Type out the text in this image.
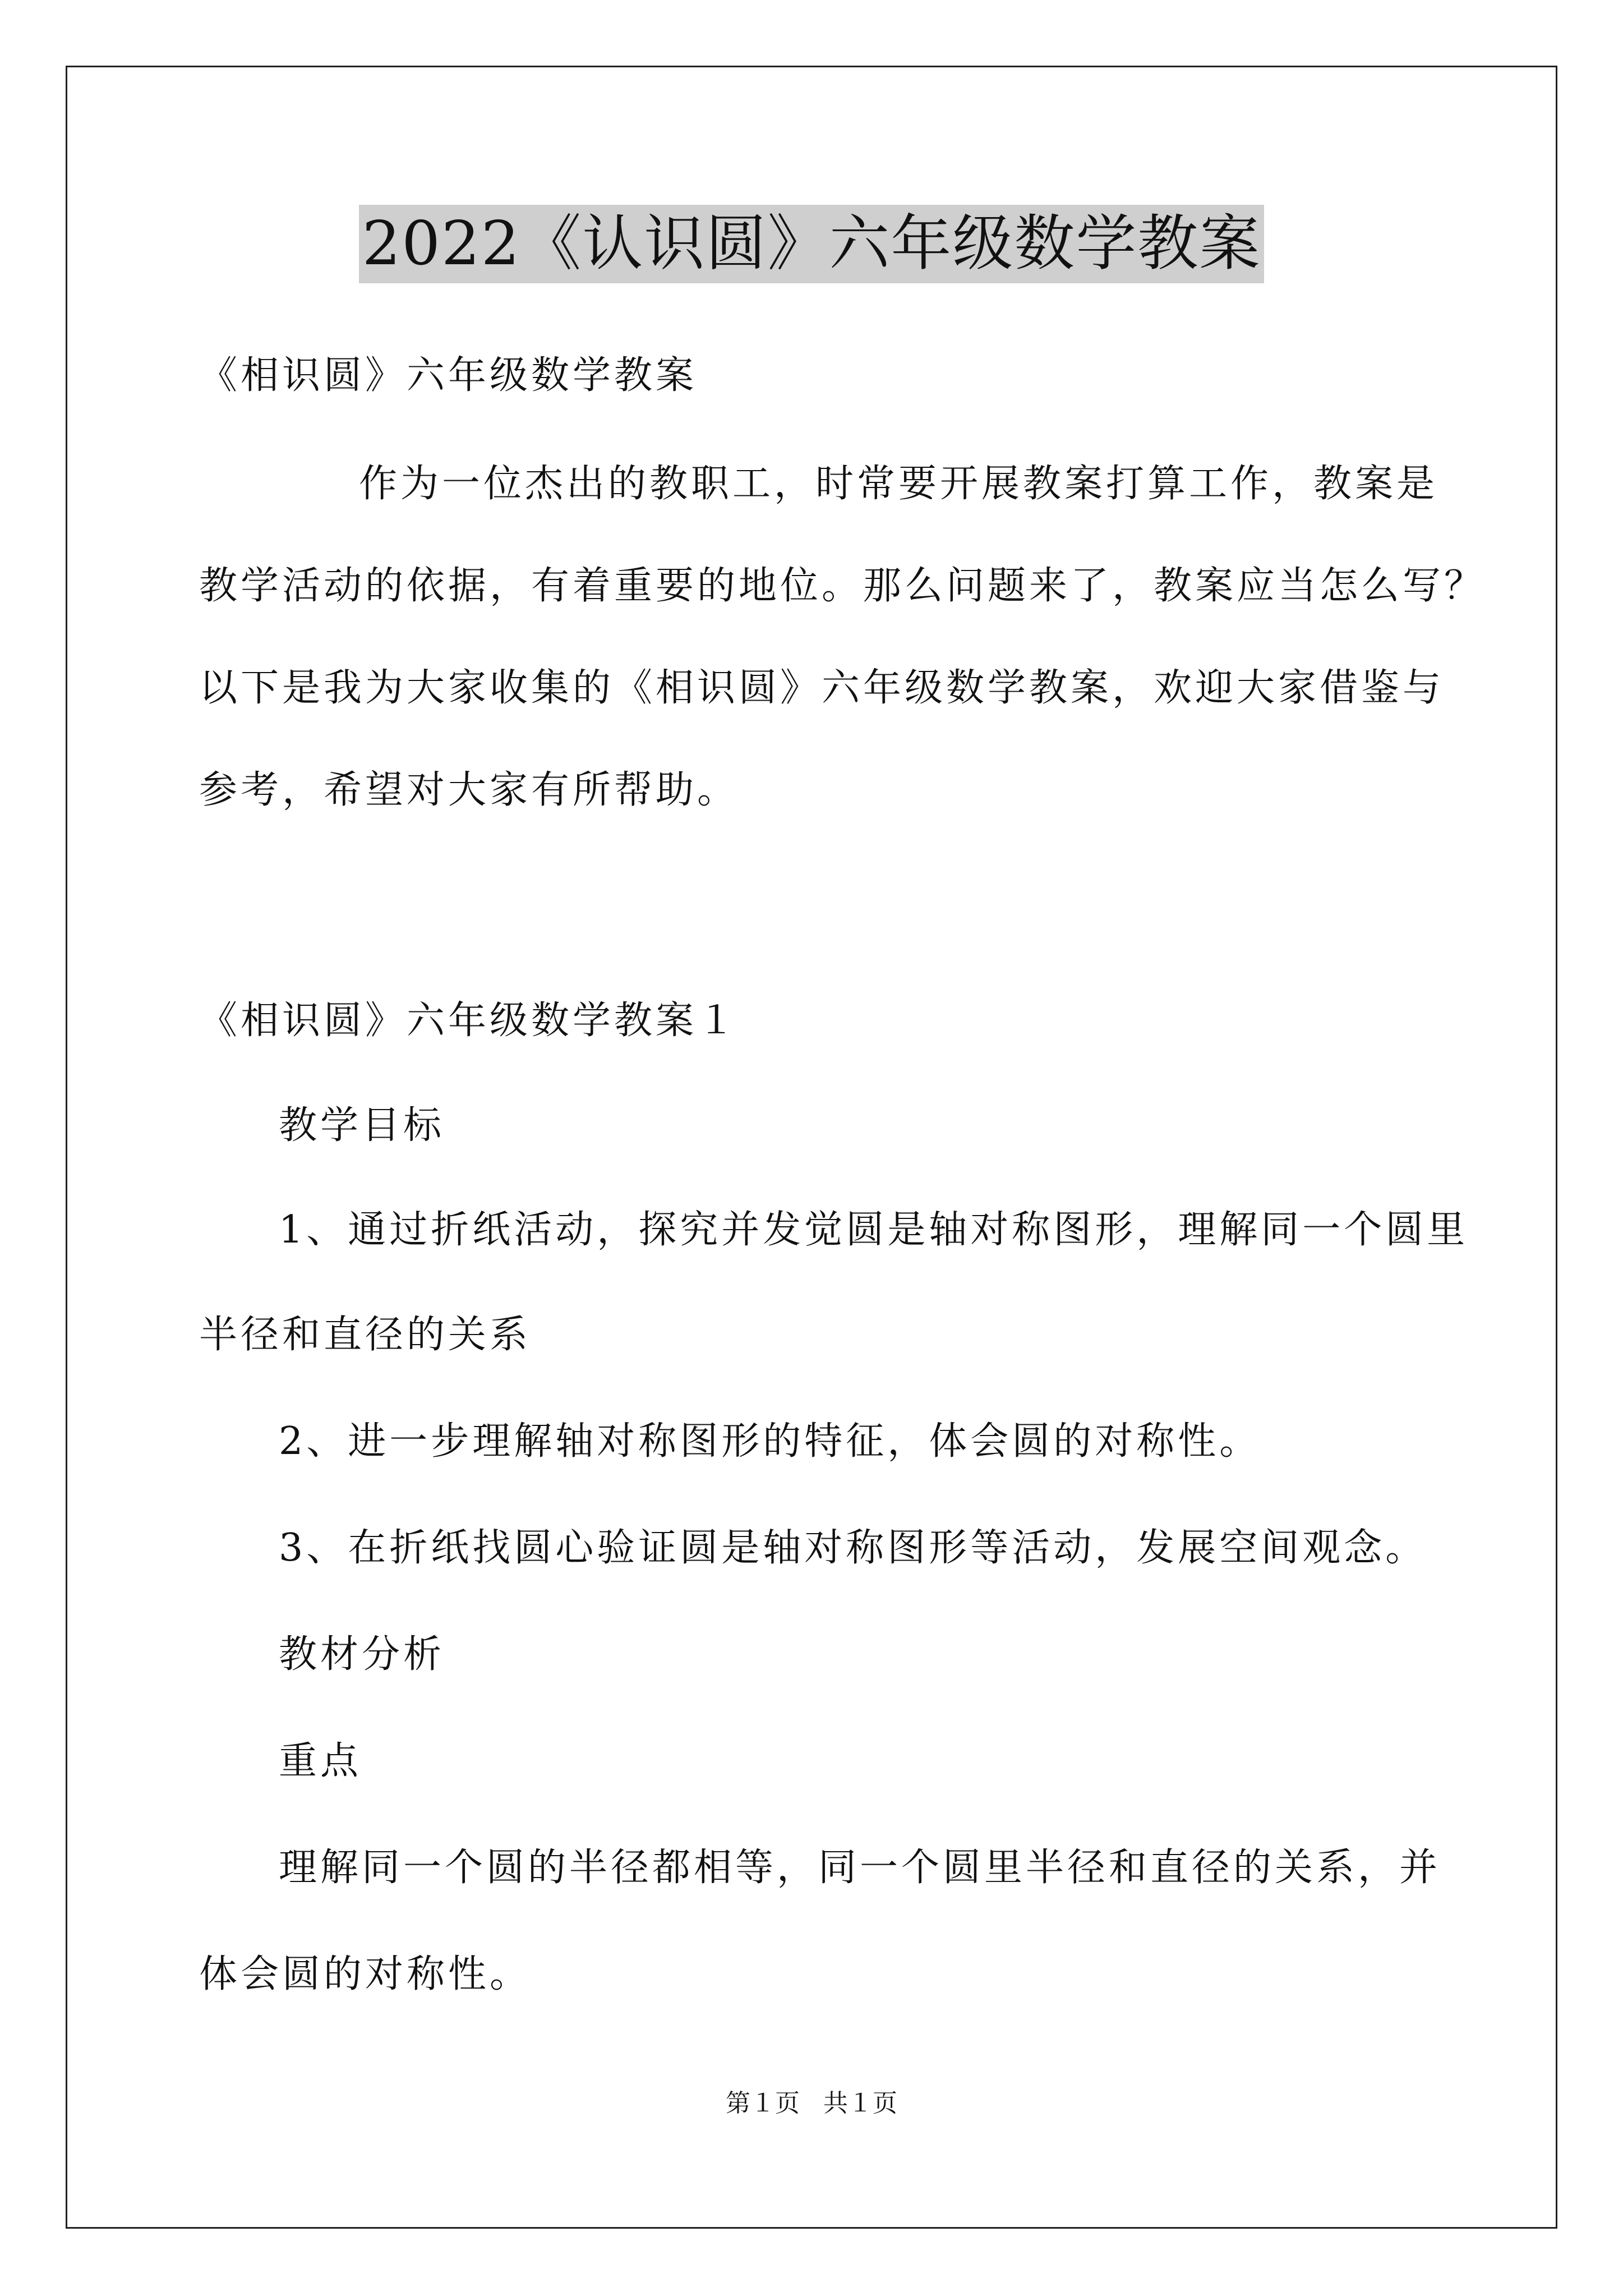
2022《认识圆》六年级数学教案
《相识圆》六年级数学教案
作为一位杰出的教职工，时常要开展教案打算工作，教案是
教学活动的依据，有着重要的地位。那么问题来了，教案应当怎么写？
以下是我为大家收集的《相识圆》六年级数学教案，欢迎大家借鉴与
参考，希望对大家有所帮助。
《相识圆》六年级数学教案１
教学目标
1、通过折纸活动，探究并发觉圆是轴对称图形，理解同一个圆里
半径和直径的关系
2、进一步理解轴对称图形的特征，体会圆的对称性。
3、在折纸找圆心验证圆是轴对称图形等活动，发展空间观念。
教材分析
重点
理解同一个圆的半径都相等，同一个圆里半径和直径的关系，并
体会圆的对称性。
第１页 共１页
